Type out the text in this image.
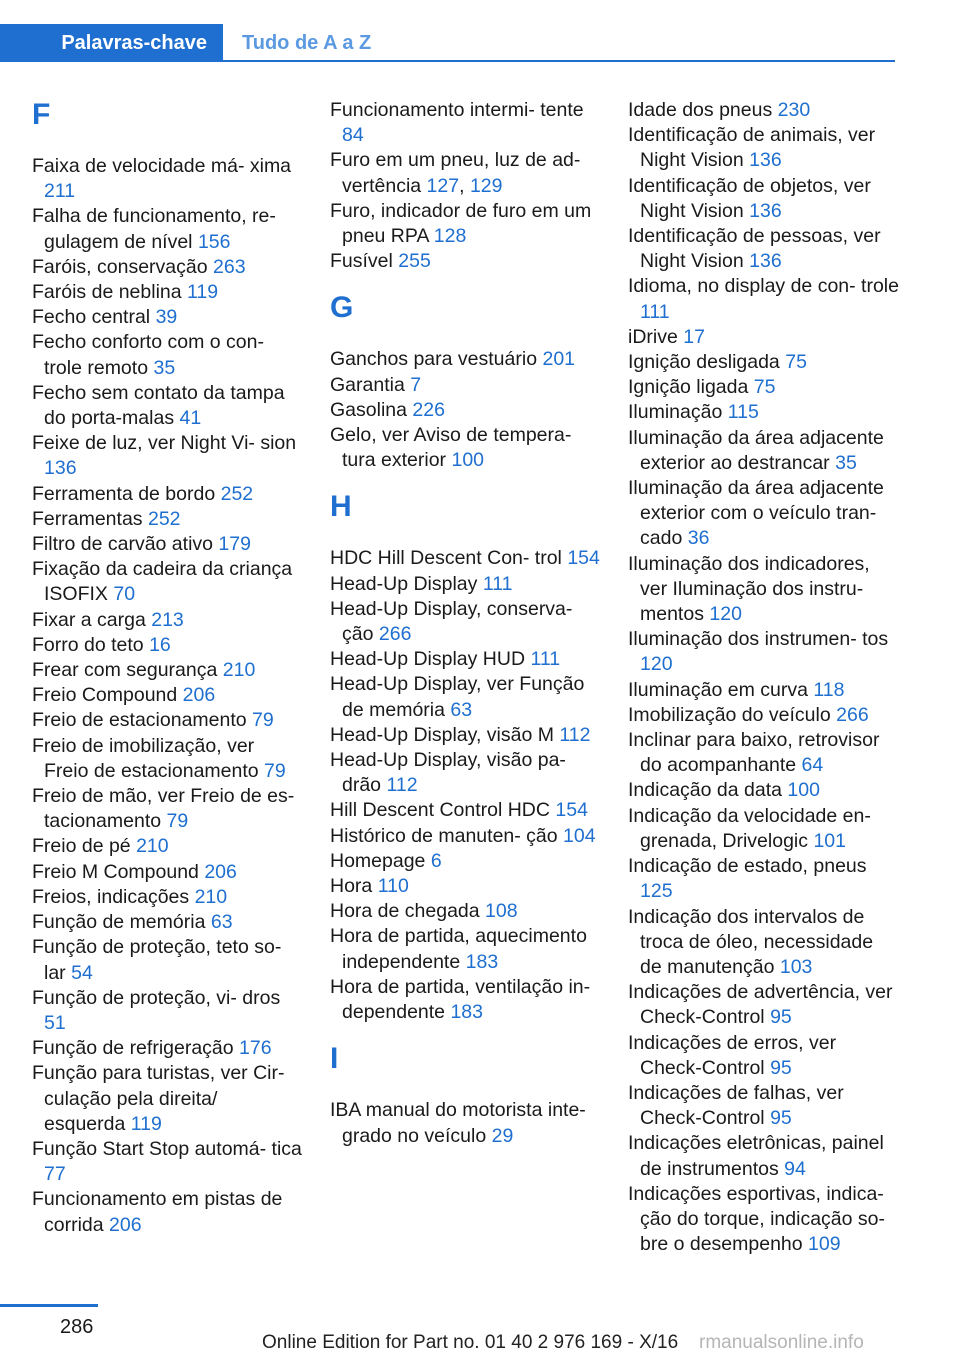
Palavras-chave	Tudo de A a Z
F
Faixa de velocidade má- xima 211
Falha de funcionamento, re- gulagem de nível 156
Faróis, conservação 263
Faróis de neblina 119
Fecho central 39
Fecho conforto com o con- trole remoto 35
Fecho sem contato da tampa do porta-malas 41
Feixe de luz, ver Night Vi- sion 136
Ferramenta de bordo 252
Ferramentas 252
Filtro de carvão ativo 179
Fixação da cadeira da criança ISOFIX 70
Fixar a carga 213
Forro do teto 16
Frear com segurança 210
Freio Compound 206
Freio de estacionamento 79
Freio de imobilização, ver Freio de estacionamento 79
Freio de mão, ver Freio de es- tacionamento 79
Freio de pé 210
Freio M Compound 206
Freios, indicações 210
Função de memória 63
Função de proteção, teto so- lar 54
Função de proteção, vi- dros 51
Função de refrigeração 176
Função para turistas, ver Cir- culação pela direita/ esquerda 119
Função Start Stop automá- tica 77
Funcionamento em pistas de corrida 206
Funcionamento intermi- tente 84
Furo em um pneu, luz de ad- vertência 127, 129
Furo, indicador de furo em um pneu RPA 128
Fusível 255
G
Ganchos para vestuário 201
Garantia 7
Gasolina 226
Gelo, ver Aviso de tempera- tura exterior 100
H
HDC Hill Descent Con- trol 154
Head-Up Display 111
Head-Up Display, conserva- ção 266
Head-Up Display HUD 111
Head-Up Display, ver Função de memória 63
Head-Up Display, visão M 112
Head-Up Display, visão pa- drão 112
Hill Descent Control HDC 154
Histórico de manuten- ção 104
Homepage 6
Hora 110
Hora de chegada 108
Hora de partida, aquecimento independente 183
Hora de partida, ventilação in- dependente 183
I
IBA manual do motorista inte- grado no veículo 29
Idade dos pneus 230
Identificação de animais, ver Night Vision 136
Identificação de objetos, ver Night Vision 136
Identificação de pessoas, ver Night Vision 136
Idioma, no display de con- trole 111
iDrive 17
Ignição desligada 75
Ignição ligada 75
Iluminação 115
Iluminação da área adjacente exterior ao destrancar 35
Iluminação da área adjacente exterior com o veículo tran- cado 36
Iluminação dos indicadores, ver Iluminação dos instru- mentos 120
Iluminação dos instrumen- tos 120
Iluminação em curva 118
Imobilização do veículo 266
Inclinar para baixo, retrovisor do acompanhante 64
Indicação da data 100
Indicação da velocidade en- grenada, Drivelogic 101
Indicação de estado, pneus 125
Indicação dos intervalos de troca de óleo, necessidade de manutenção 103
Indicações de advertência, ver Check-Control 95
Indicações de erros, ver Check-Control 95
Indicações de falhas, ver Check-Control 95
Indicações eletrônicas, painel de instrumentos 94
Indicações esportivas, indica- ção do torque, indicação so- bre o desempenho 109
286
Online Edition for Part no. 01 40 2 976 169 - X/16 rmanualsonline.info
